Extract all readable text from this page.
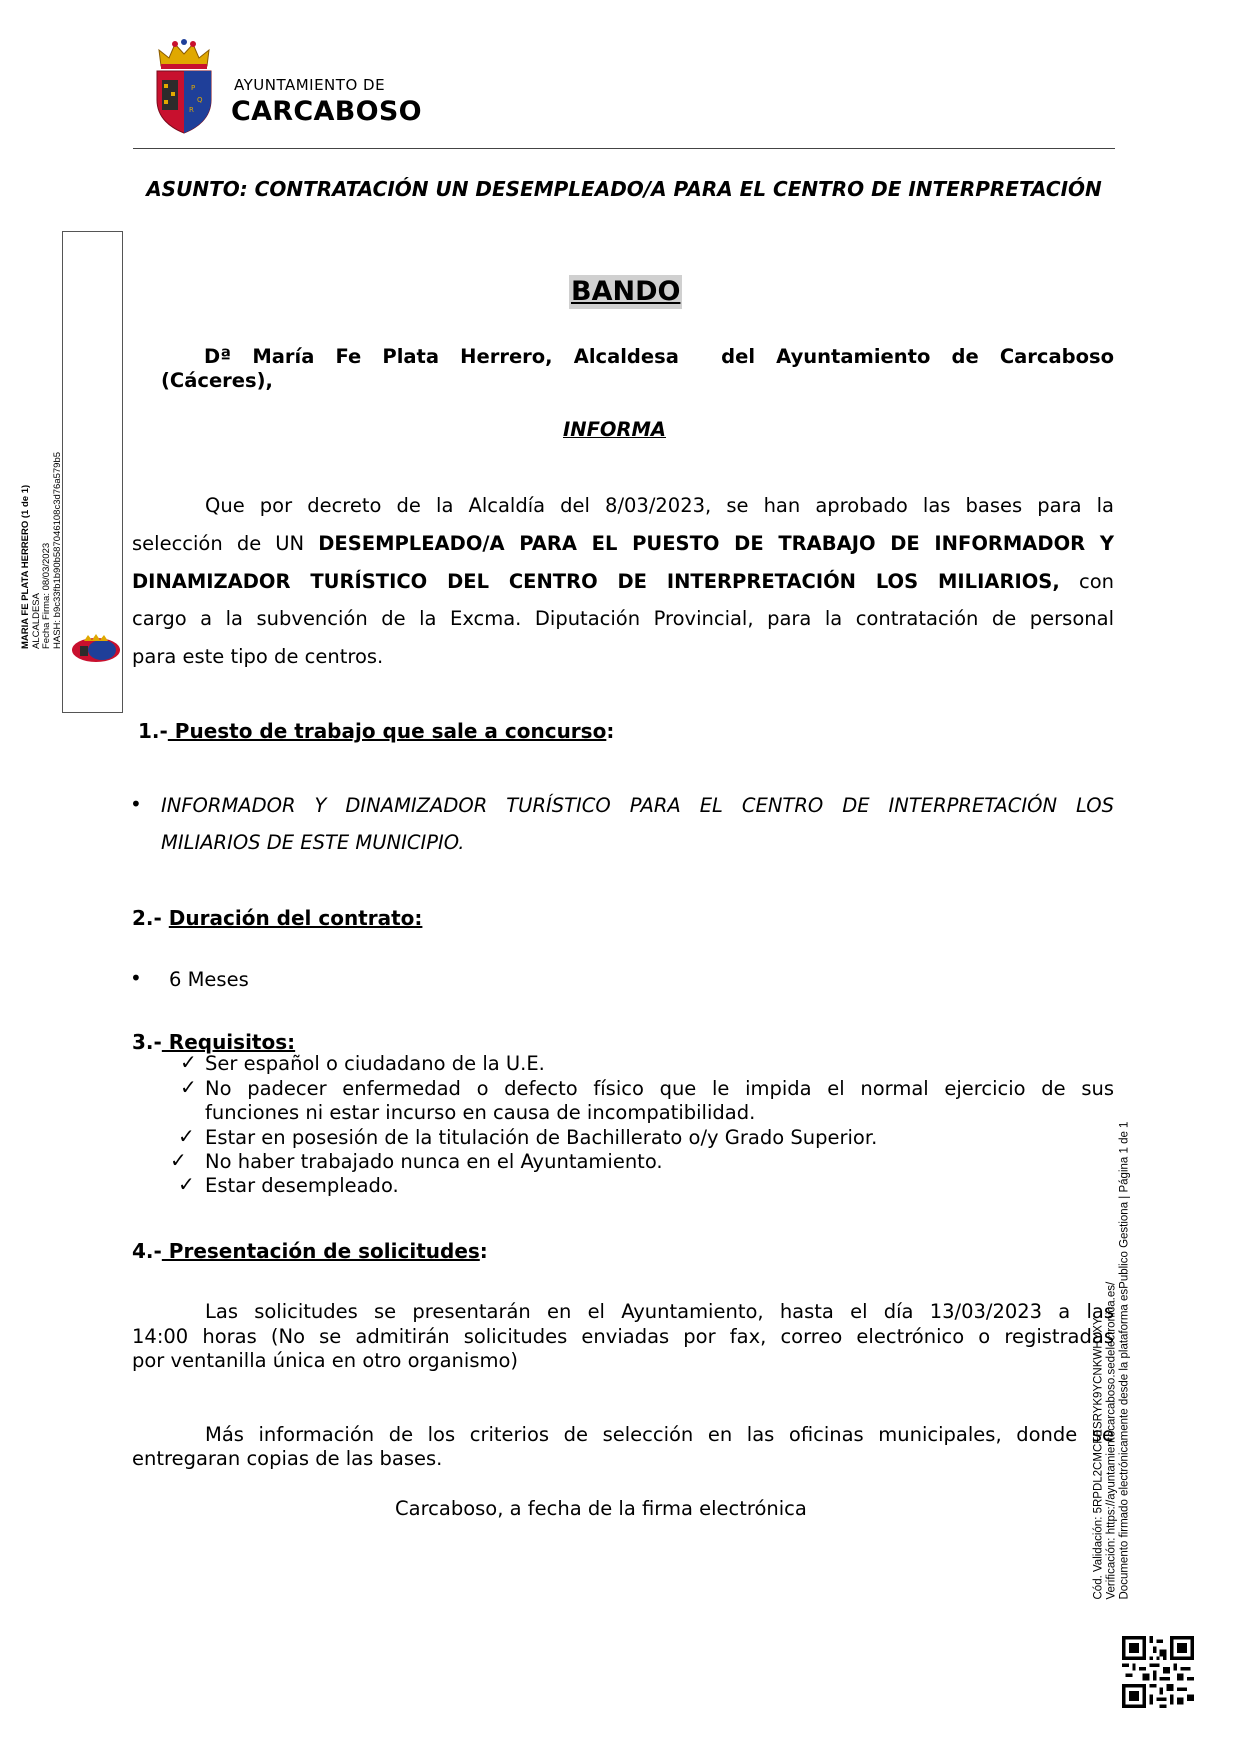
P
Q
R
AYUNTAMIENTO DE
CARCABOSO
ASUNTO: CONTRATACIÓN UN DESEMPLEADO/A PARA EL CENTRO DE INTERPRETACIÓN
BANDO
Dª María Fe Plata Herrero, Alcaldesa  del Ayuntamiento de Carcaboso
(Cáceres),
INFORMA
Que por decreto de la Alcaldía del 8/03/2023, se han aprobado las bases para la
selección de UN DESEMPLEADO/A PARA EL PUESTO DE TRABAJO DE INFORMADOR Y
DINAMIZADOR TURÍSTICO DEL CENTRO DE INTERPRETACIÓN LOS MILIARIOS, con
cargo a la subvención de la Excma. Diputación Provincial, para la contratación de personal
para este tipo de centros.
1.- Puesto de trabajo que sale a concurso:
• INFORMADOR Y DINAMIZADOR TURÍSTICO PARA EL CENTRO DE INTERPRETACIÓN LOS
MILIARIOS DE ESTE MUNICIPIO.
2.- Duración del contrato:
• 6 Meses
3.- Requisitos:
✓ Ser español o ciudadano de la U.E.
✓ No padecer enfermedad o defecto físico que le impida el normal ejercicio de sus
funciones ni estar incurso en causa de incompatibilidad.
✓ Estar en posesión de la titulación de Bachillerato o/y Grado Superior.
✓ No haber trabajado nunca en el Ayuntamiento.
✓ Estar desempleado.
4.- Presentación de solicitudes:
Las solicitudes se presentarán en el Ayuntamiento, hasta el día 13/03/2023 a las
14:00 horas (No se admitirán solicitudes enviadas por fax, correo electrónico o registradas
por ventanilla única en otro organismo)
Más información de los criterios de selección en las oficinas municipales, donde se
entregaran copias de las bases.
Carcaboso, a fecha de la firma electrónica
MARIA FE PLATA HERRERO (1 de 1) ALCALDESA Fecha Firma: 08/03/2023 HASH: b9c33fb1b90b587046108c3d76a579b5
Cód. Validación: 5RPDL2CMCFESRYK9YCNKWHYXY Verificación: https://ayuntamientocarcaboso.sedelectronica.es/ Documento firmado electrónicamente desde la plataforma esPublico Gestiona | Página 1 de 1
